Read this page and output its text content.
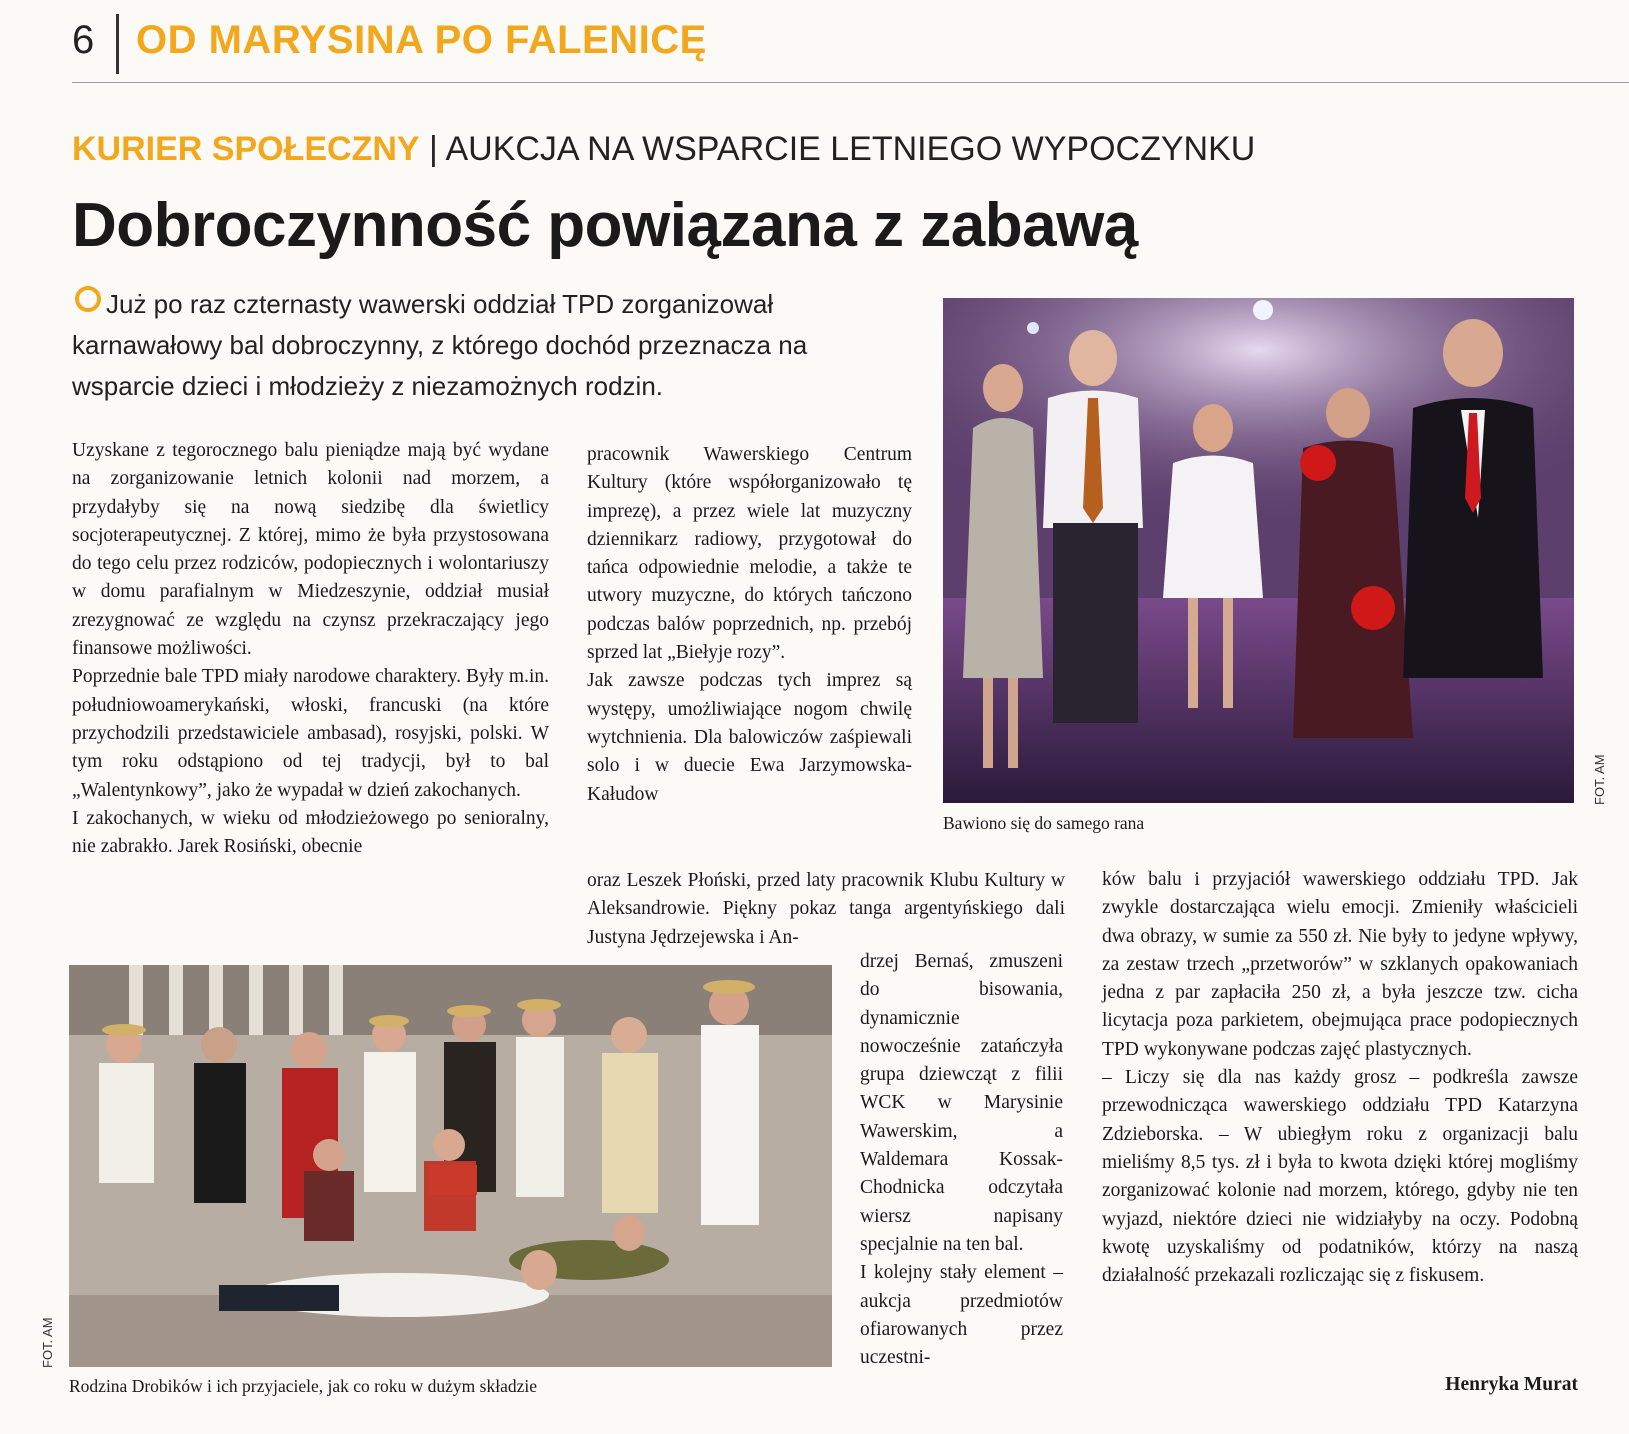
6 OD MARYSINA PO FALENICĘ
KURIER SPOŁECZNY | AUKCJA NA WSPARCIE LETNIEGO WYPOCZYNKU
Dobroczynność powiązana z zabawą
Już po raz czternasty wawerski oddział TPD zorganizował karnawałowy bal dobroczynny, z którego dochód przeznacza na wsparcie dzieci i młodzieży z niezamożnych rodzin.
Bawiono się do samego rana
FOT. AM

Uzyskane z tegorocznego balu pieniądze mają być wydane na zorganizowanie letnich kolonii nad morzem, a przydałyby się na nową siedzibę dla świetlicy socjoterapeutycznej. Z której, mimo że była przystosowana do tego celu przez rodziców, podopiecznych i wolontariuszy w domu parafialnym w Miedzeszynie, oddział musiał zrezygnować ze względu na czynsz przekraczający jego finansowe możliwości.

Poprzednie bale TPD miały narodowe charaktery. Były m.in. południowoamerykański, włoski, francuski (na które przychodzili przedstawiciele ambasad), rosyjski, polski. W tym roku odstąpiono od tej tradycji, był to bal „Walentynkowy”, jako że wypadał w dzień zakochanych.

I zakochanych, w wieku od młodzieżowego po senioralny, nie zabrakło. Jarek Rosiński, obecnie

pracownik Wawerskiego Centrum Kultury (które współorganizowało tę imprezę), a przez wiele lat muzyczny dziennikarz radiowy, przygotował do tańca odpowiednie melodie, a także te utwory muzyczne, do których tańczono podczas balów poprzednich, np. przebój sprzed lat „Biełyje rozy”.

Jak zawsze podczas tych imprez są występy, umożliwiające nogom chwilę wytchnienia. Dla balowiczów zaśpiewali solo i w duecie Ewa Jarzymowska-Kałudow

oraz Leszek Płoński, przed laty pracownik Klubu Kultury w Aleksandrowie. Piękny pokaz tanga argentyńskiego dali Justyna Jędrzejewska i An-

drzej Bernaś, zmuszeni do bisowania, dynamicznie nowocześnie zatańczyła grupa dziewcząt z filii WCK w Marysinie Wawerskim, a Waldemara Kossak-Chodnicka odczytała wiersz napisany specjalnie na ten bal.

I kolejny stały element – aukcja przedmiotów ofiarowanych przez uczestni-

ków balu i przyjaciół wawerskiego oddziału TPD. Jak zwykle dostarczająca wielu emocji. Zmieniły właścicieli dwa obrazy, w sumie za 550 zł. Nie były to jedyne wpływy, za zestaw trzech „przetworów” w szklanych opakowaniach jedna z par zapłaciła 250 zł, a była jeszcze tzw. cicha licytacja poza parkietem, obejmująca prace podopiecznych TPD wykonywane podczas zajęć plastycznych.

– Liczy się dla nas każdy grosz – podkreśla zawsze przewodnicząca wawerskiego oddziału TPD Katarzyna Zdzieborska. – W ubiegłym roku z organizacji balu mieliśmy 8,5 tys. zł i była to kwota dzięki której mogliśmy zorganizować kolonie nad morzem, którego, gdyby nie ten wyjazd, niektóre dzieci nie widziałyby na oczy. Podobną kwotę uzyskaliśmy od podatników, którzy na naszą działalność przekazali rozliczając się z fiskusem.

Henryka Murat
Rodzina Drobików i ich przyjaciele, jak co roku w dużym składzie
FOT. AM
